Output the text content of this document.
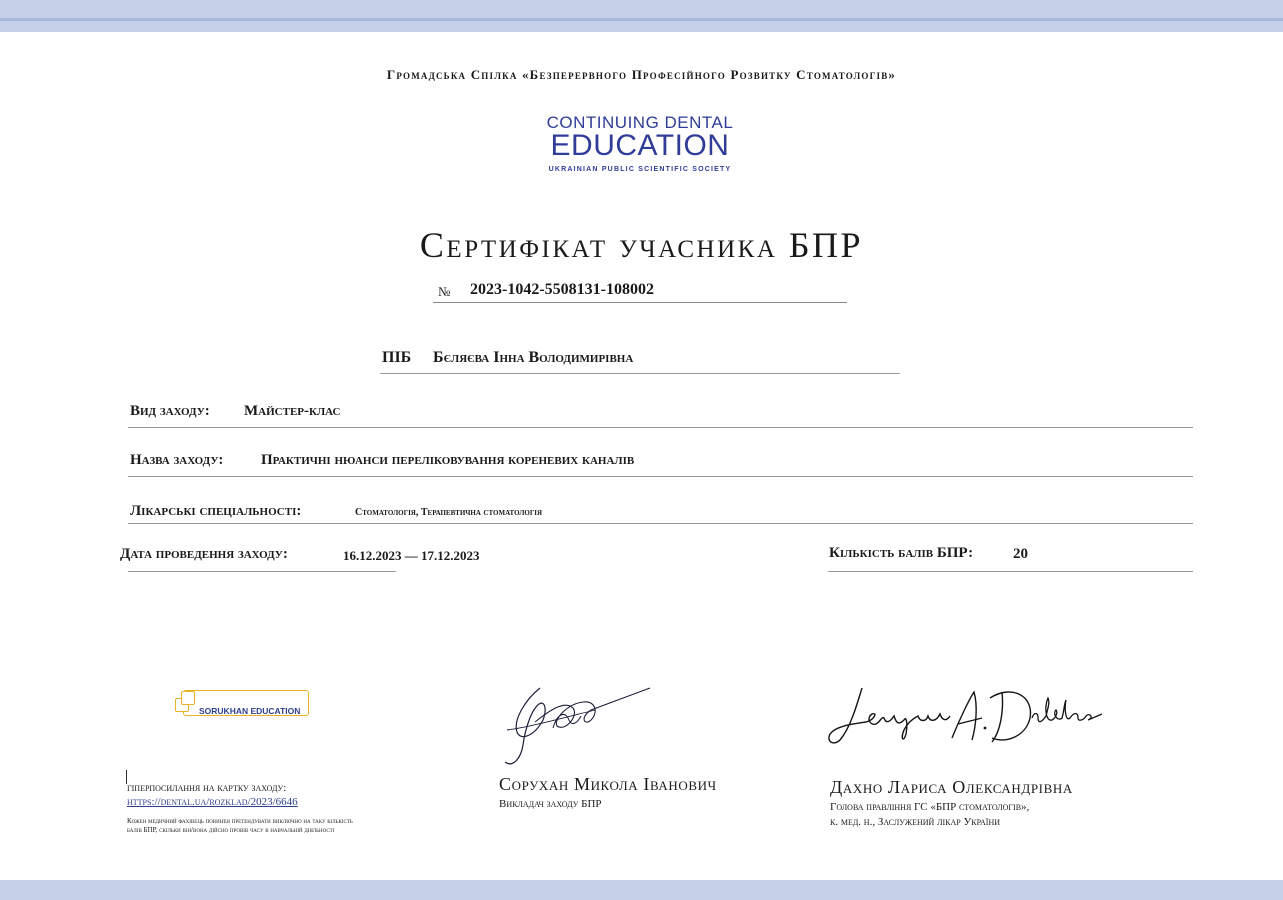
Громадська Спілка «Безперервного Професійного Розвитку Стоматологів»
CONTINUING DENTAL
EDUCATION
UKRAINIAN PUBLIC SCIENTIFIC SOCIETY
Сертифікат учасника БПР
№ 2023-1042-5508131-108002
ПІБ Бєляєва Інна Володимирівна
Вид заходу: Майстер-клас
Назва заходу:	Практичні нюанси переліковування кореневих каналів
Лікарські спеціальності:	Стоматологія, Терапевтична стоматологія
Дата проведення заходу:	16.12.2023 — 17.12.2023	Кількість балів БПР:	20
SORUKHAN EDUCATION
гіперпосилання на картку заходу:
https://dental.ua/rozklad/2023/6646
Кожен медичний фахівець повинен претендувати виключно на таку кількість балів БПР, скільки він/вона дійсно провів часу в навчальній діяльності
Сорухан Микола Іванович
Викладач заходу БПР
Дахно Лариса Олександрівна
Голова правління ГС «БПР стоматологів»,
к. мед. н., Заслужений лікар України
